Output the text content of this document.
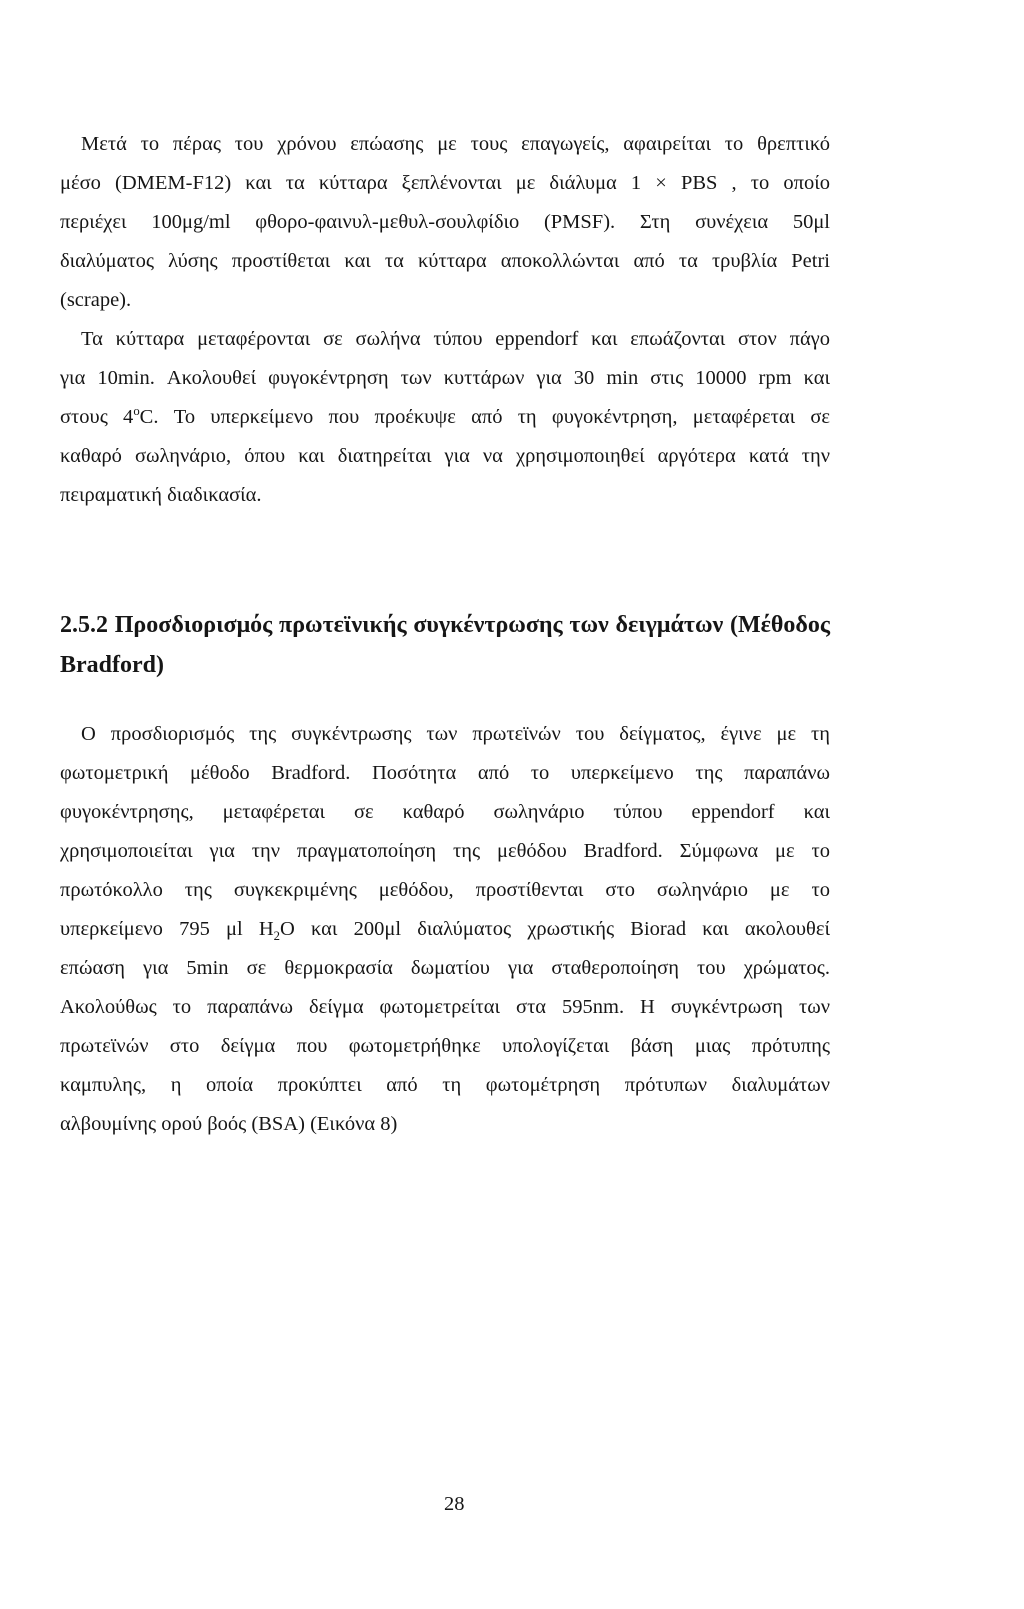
Μετά το πέρας του χρόνου επώασης με τους επαγωγείς, αφαιρείται το θρεπτικό
μέσο (DMEM-F12) και τα κύτταρα ξεπλένονται με διάλυμα 1 × PBS , το οποίο
περιέχει 100μg/ml φθορο-φαινυλ-μεθυλ-σουλφίδιο (PMSF). Στη συνέχεια 50μl
διαλύματος λύσης προστίθεται και τα κύτταρα αποκολλώνται από τα τρυβλία Petri
(scrape).
Τα κύτταρα μεταφέρονται σε σωλήνα τύπου eppendorf και επωάζονται στον πάγο
για 10min. Ακολουθεί φυγοκέντρηση των κυττάρων για 30 min στις 10000 rpm και
στους 4$^o$C. Το υπερκείμενο που προέκυψε από τη φυγοκέντρηση, μεταφέρεται σε
καθαρό σωληνάριο, όπου και διατηρείται για να χρησιμοποιηθεί αργότερα κατά την
πειραματική διαδικασία.
2.5.2 Προσδιορισμός πρωτεϊνικής συγκέντρωσης των δειγμάτων (Μέθοδος
Bradford)
Ο προσδιορισμός της συγκέντρωσης των πρωτεϊνών του δείγματος, έγινε με τη
φωτομετρική μέθοδο Bradford. Ποσότητα από το υπερκείμενο της παραπάνω
φυγοκέντρησης, μεταφέρεται σε καθαρό σωληνάριο τύπου eppendorf και
χρησιμοποιείται για την πραγματοποίηση της μεθόδου Bradford. Σύμφωνα με το
πρωτόκολλο της συγκεκριμένης μεθόδου, προστίθενται στο σωληνάριο με το
υπερκείμενο 795 μl $H_2O$ και 200μl διαλύματος χρωστικής Biorad και ακολουθεί
επώαση για 5min σε θερμοκρασία δωματίου για σταθεροποίηση του χρώματος.
Ακολούθως το παραπάνω δείγμα φωτομετρείται στα 595nm. Η συγκέντρωση των
πρωτεϊνών στο δείγμα που φωτομετρήθηκε υπολογίζεται βάση μιας πρότυπης
καμπυλης, η οποία προκύπτει από τη φωτομέτρηση πρότυπων διαλυμάτων
αλβουμίνης ορού βοός (BSA) (Εικόνα 8)
28
